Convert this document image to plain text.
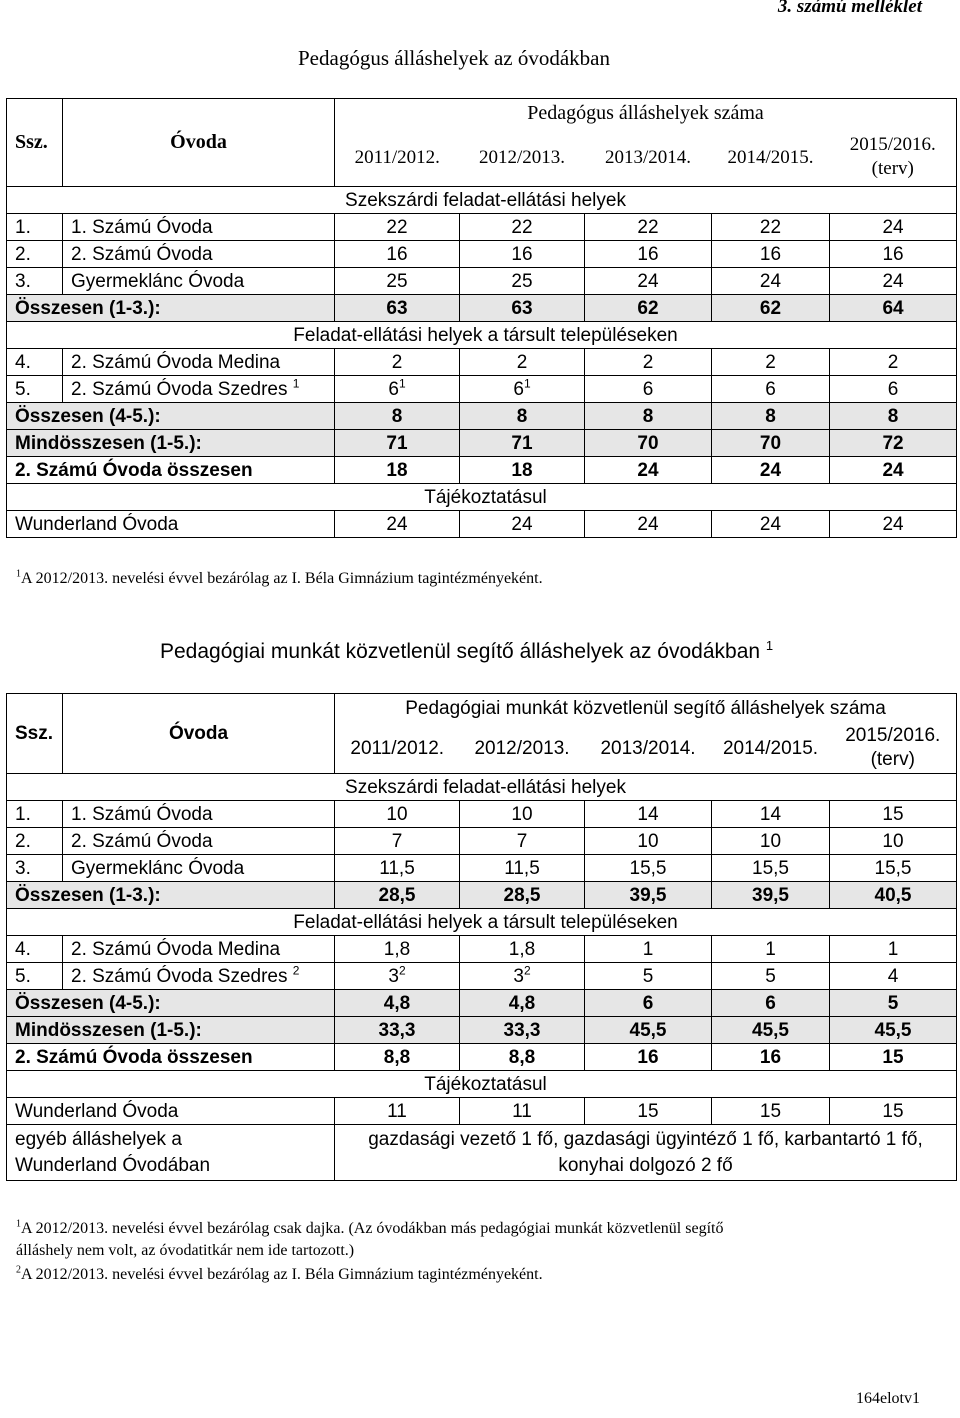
3. számú melléklet
Pedagógus álláshelyek az óvodákban
Ssz.	Óvoda	Pedagógus álláshelyek száma				
		2011/2012.	2012/2013.	2013/2014.	2014/2015.	2015/2016.
(terv)
Szekszárdi feladat-ellátási helyek						
1.	1. Számú Óvoda	22	22	22	22	24
2.	2. Számú Óvoda	16	16	16	16	16
3.	Gyermeklánc Óvoda	25	25	24	24	24
Összesen (1-3.):		63	63	62	62	64
Feladat-ellátási helyek a társult településeken						
4.	2. Számú Óvoda Medina	2	2	2	2	2
5.	2. Számú Óvoda Szedres $^1$	$6^1$	$6^1$	6	6	6
Összesen (4-5.):		8	8	8	8	8
Mindösszesen (1-5.):		71	71	70	70	72
2. Számú Óvoda összesen		18	18	24	24	24
Tájékoztatásul						
Wunderland Óvoda		24	24	24	24	24
$^1$A 2012/2013. nevelési évvel bezárólag az I. Béla Gimnázium tagintézményeként.
Pedagógiai munkát közvetlenül segítő álláshelyek az óvodákban $^1$
Ssz.	Óvoda	Pedagógiai munkát közvetlenül segítő álláshelyek száma				
		2011/2012.	2012/2013.	2013/2014.	2014/2015.	2015/2016.
(terv)
Szekszárdi feladat-ellátási helyek						
1.	1. Számú Óvoda	10	10	14	14	15
2.	2. Számú Óvoda	7	7	10	10	10
3.	Gyermeklánc Óvoda	11,5	11,5	15,5	15,5	15,5
Összesen (1-3.):		28,5	28,5	39,5	39,5	40,5
Feladat-ellátási helyek a társult településeken						
4.	2. Számú Óvoda Medina	1,8	1,8	1	1	1
5.	2. Számú Óvoda Szedres $^2$	$3^2$	$3^2$	5	5	4
Összesen (4-5.):		4,8	4,8	6	6	5
Mindösszesen (1-5.):		33,3	33,3	45,5	45,5	45,5
2. Számú Óvoda összesen		8,8	8,8	16	16	15
Tájékoztatásul						
Wunderland Óvoda		11	11	15	15	15
egyéb álláshelyek a
Wunderland Óvodában		gazdasági vezető 1 fő, gazdasági ügyintéző 1 fő, karbantartó 1 fő,
konyhai dolgozó 2 fő				
$^1$A 2012/2013. nevelési évvel bezárólag csak dajka. (Az óvodákban más pedagógiai munkát közvetlenül segítő
álláshely nem volt, az óvodatitkár nem ide tartozott.)
$^2$A 2012/2013. nevelési évvel bezárólag az I. Béla Gimnázium tagintézményeként.
164elotv1
